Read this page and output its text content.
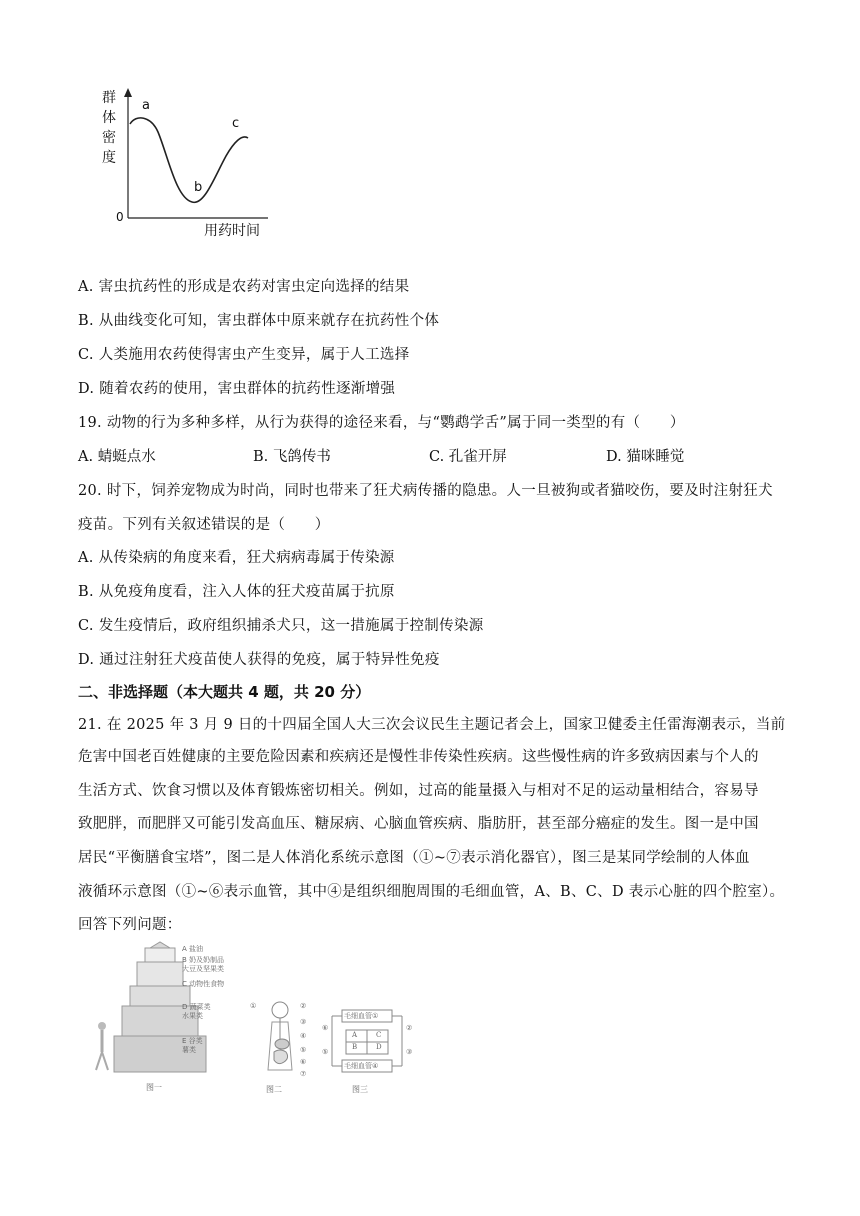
群
体
密
度
0
用药时间
a
b
c
A. 害虫抗药性的形成是农药对害虫定向选择的结果
B. 从曲线变化可知，害虫群体中原来就存在抗药性个体
C. 人类施用农药使得害虫产生变异，属于人工选择
D. 随着农药的使用，害虫群体的抗药性逐渐增强
19. 动物的行为多种多样，从行为获得的途径来看，与“鹦鹉学舌”属于同一类型的有（　　）
A. 蜻蜓点水	B. 飞鸽传书	C. 孔雀开屏	D. 猫咪睡觉
20. 时下，饲养宠物成为时尚，同时也带来了狂犬病传播的隐患。人一旦被狗或者猫咬伤，要及时注射狂犬
疫苗。下列有关叙述错误的是（　　）
A. 从传染病的角度来看，狂犬病病毒属于传染源
B. 从免疫角度看，注入人体的狂犬疫苗属于抗原
C. 发生疫情后，政府组织捕杀犬只，这一措施属于控制传染源
D. 通过注射狂犬疫苗使人获得的免疫，属于特异性免疫
二、非选择题（本大题共 4 题，共 20 分）
21. 在 2025 年 3 月 9 日的十四届全国人大三次会议民生主题记者会上，国家卫健委主任雷海潮表示，当前
危害中国老百姓健康的主要危险因素和疾病还是慢性非传染性疾病。这些慢性病的许多致病因素与个人的
生活方式、饮食习惯以及体育锻炼密切相关。例如，过高的能量摄入与相对不足的运动量相结合，容易导
致肥胖，而肥胖又可能引发高血压、糖尿病、心脑血管疾病、脂肪肝，甚至部分癌症的发生。图一是中国
居民“平衡膳食宝塔”，图二是人体消化系统示意图（①~⑦表示消化器官），图三是某同学绘制的人体血
液循环示意图（①~⑥表示血管，其中④是组织细胞周围的毛细血管，A、B、C、D 表示心脏的四个腔室）。
回答下列问题：
A 盐油
B 奶及奶制品
大豆及坚果类
C 动物性食物
D 蔬菜类
水果类
E 谷类
薯类
图一
①	②
③
④
⑤
⑥
⑦
图二
毛细血管①
毛细血管④
A
B
C
D
⑥
⑤
②
③
图三
